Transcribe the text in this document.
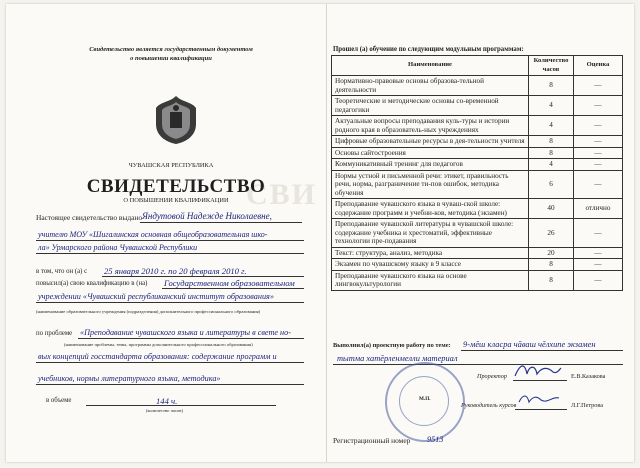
Свидетельство является государственным документом
о повышении квалификации
ЧУВАШСКАЯ РЕСПУБЛИКА
СВИ
СВИДЕТЕЛЬСТВО
О ПОВЫШЕНИИ КВАЛИФИКАЦИИ
Настоящее свидетельство выдано Яндутовой Надежде Николаевне,
учителю МОУ «Шигалинская основная общеобразовательная шко-
ла» Урмарского района Чувашской Республики
в том, что он (а) с 25 января 2010 г. по 20 февраля 2010 г.
повысил(а) свою квалификацию в (на) Государственном образовательном
учреждении «Чувашский республиканский институт образования»
(наименование образовательного учреждения (подразделения) дополнительного профессионального образования)
по проблеме «Преподавание чувашского языка и литературы в свете но-
(наименование проблемы, темы, программы дополнительного профессионального образования)
вых концепций госстандарта образования: содержание программ и
учебников, нормы литературного языка, методика»
в объеме	144 ч.
(количество часов)
Прошел (а) обучение по следующим модульным программам:
Наименование	Количество часов	Оценка
Нормативно-правовые основы образова-тельной деятельности	8	—
Теоретические и методические основы со-временной педагогики	4	—
Актуальные вопросы преподавания куль-туры и истории родного края в образователь-ных учреждениях	4	—
Цифровые образовательные ресурсы в дея-тельности учителя	8	—
Основы сайтостроения	8	—
Коммуникативный тренинг для педагогов	4	—
Нормы устной и письменной речи: этикет, правильность речи, норма, разграничение ти-пов ошибок, методика обучения	6	—
Преподавание чувашского языка в чуваш-ской школе: содержание программ и учебни-ков, методика (экзамен)	40	отлично
Преподавание чувашской литературы в чувашской школе: содержание учебника и хрестоматий, эффективные технологии пре-подавания	26	—
Текст: структура, анализ, методика	20	—
Экзамен по чувашскому языку в 9 классе	8	—
Преподавание чувашского языка на основе лингвокультурологии	8	—
Выполнил(а) проектную работу по теме: 9-мĕш класра чăваш чĕлхипе экзамен
тытма хатĕрленмелли материал
Проректор	Е.В.Казакова
М.П.
Руководитель курсов	Л.Г.Петрова
Регистрационный номер 9513
